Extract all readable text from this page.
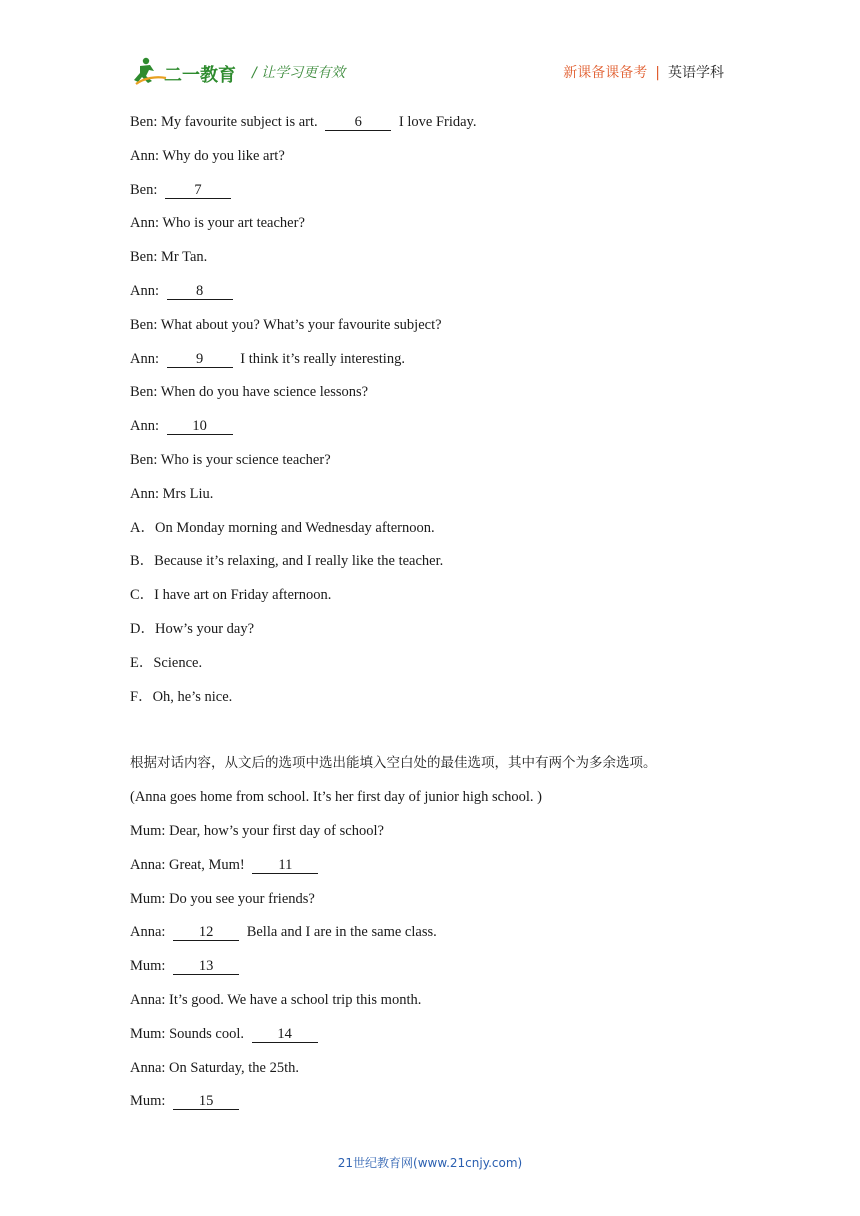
二一教育 / 让学习更有效	新课备课备考 | 英语学科
Ben: My favourite subject is art. 6 I love Friday.
Ann: Why do you like art?
Ben: 7
Ann: Who is your art teacher?
Ben: Mr Tan.
Ann: 8
Ben: What about you? What’s your favourite subject?
Ann: 9 I think it’s really interesting.
Ben: When do you have science lessons?
Ann: 10
Ben: Who is your science teacher?
Ann: Mrs Liu.
A．On Monday morning and Wednesday afternoon.
B．Because it’s relaxing, and I really like the teacher.
C．I have art on Friday afternoon.
D．How’s your day?
E．Science.
F．Oh, he’s nice.
根据对话内容，从文后的选项中选出能填入空白处的最佳选项，其中有两个为多余选项。
(Anna goes home from school. It’s her first day of junior high school. )
Mum: Dear, how’s your first day of school?
Anna: Great, Mum! 11
Mum: Do you see your friends?
Anna: 12 Bella and I are in the same class.
Mum: 13
Anna: It’s good. We have a school trip this month.
Mum: Sounds cool. 14
Anna: On Saturday, the 25th.
Mum: 15
21世纪教育网(www.21cnjy.com)
